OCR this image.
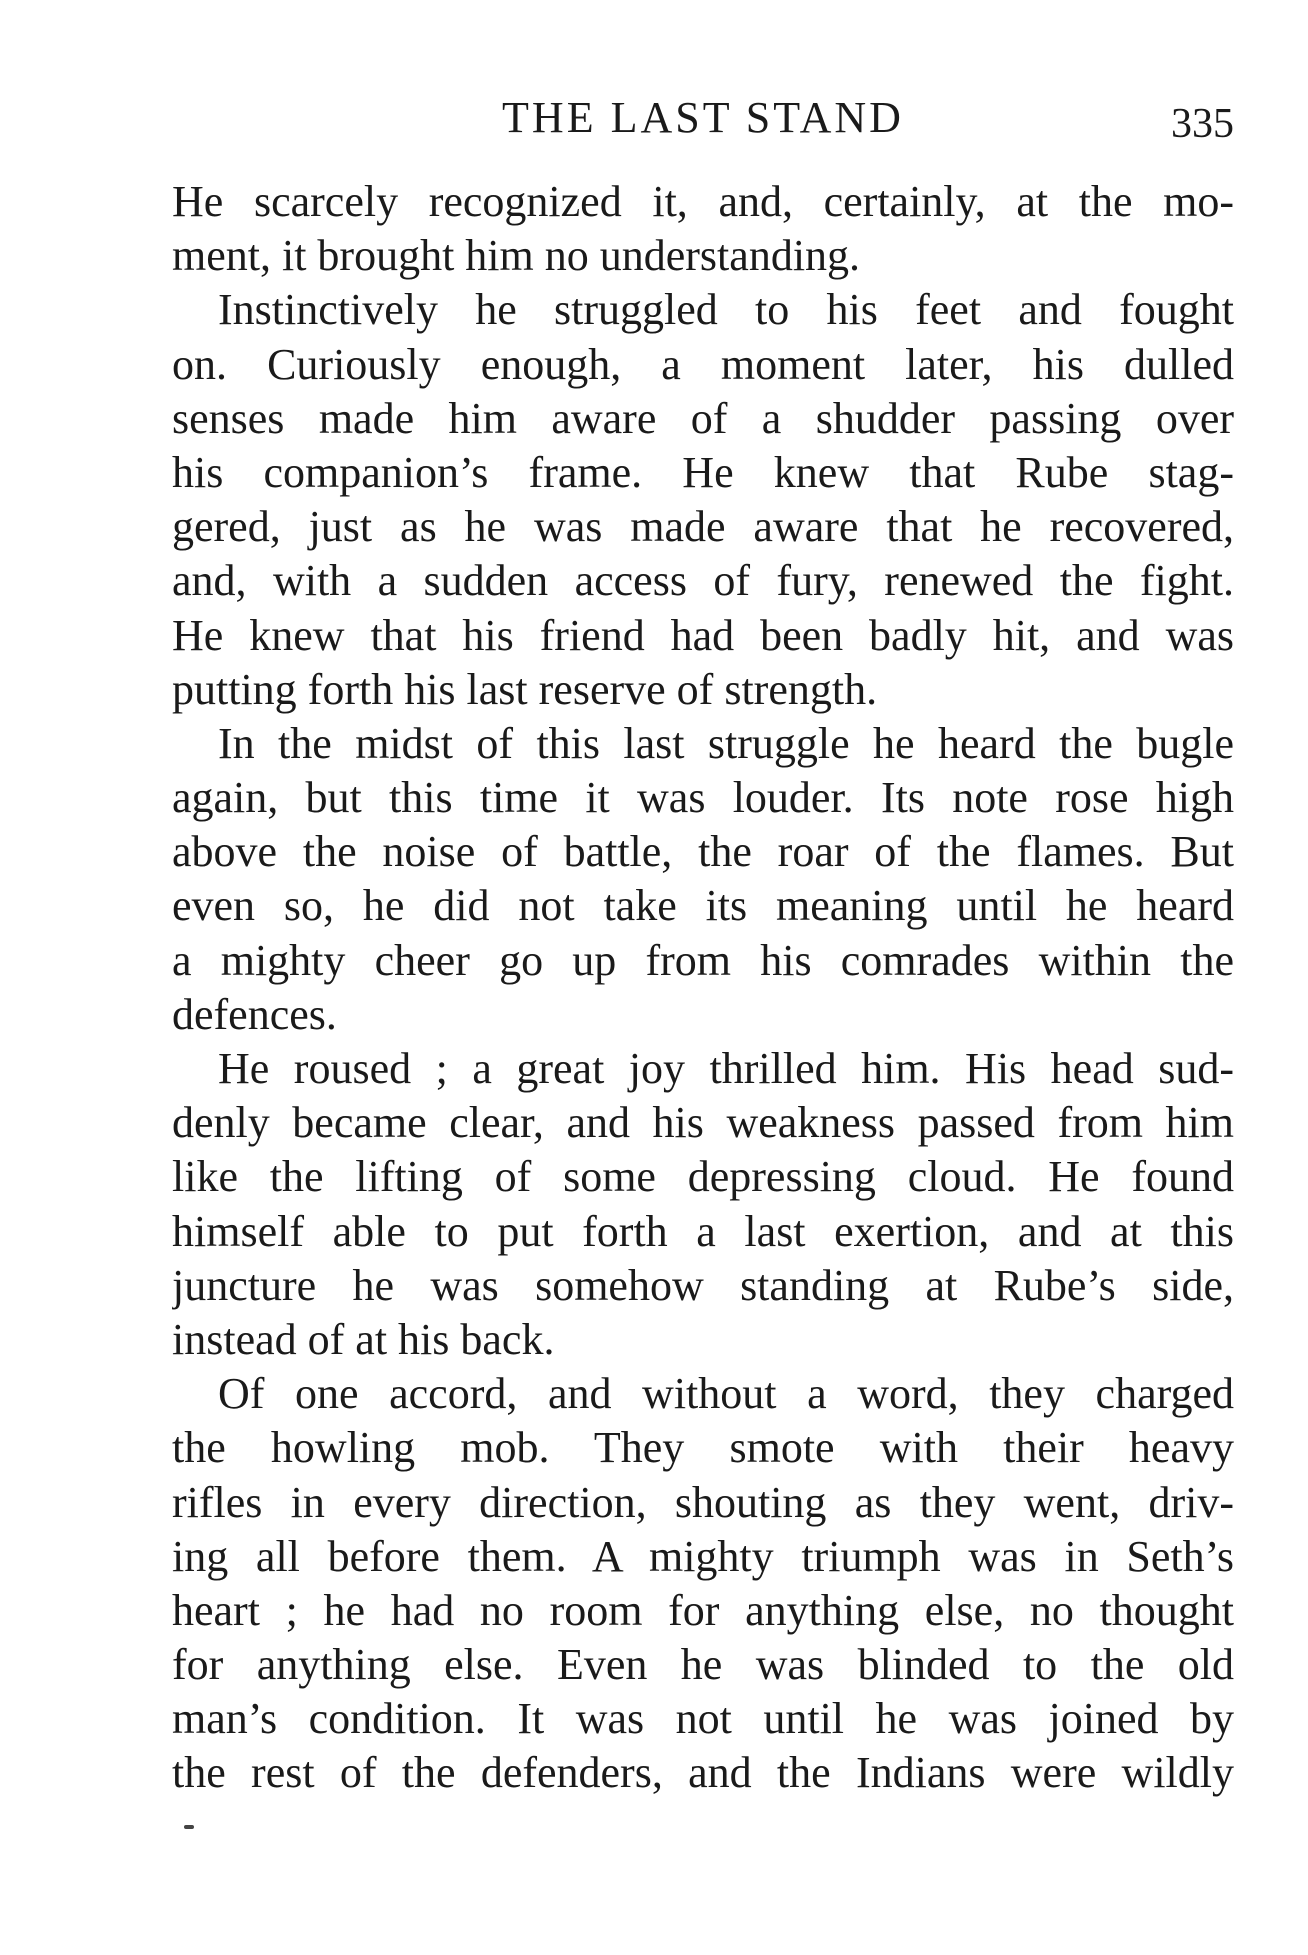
THE LAST STAND	335
He scarcely recognized it, and, certainly, at the mo-
ment, it brought him no understanding.
Instinctively he struggled to his feet and fought
on. Curiously enough, a moment later, his dulled
senses made him aware of a shudder passing over
his companion’s frame. He knew that Rube stag-
gered, just as he was made aware that he recovered,
and, with a sudden access of fury, renewed the fight.
He knew that his friend had been badly hit, and was
putting forth his last reserve of strength.
In the midst of this last struggle he heard the bugle
again, but this time it was louder. Its note rose high
above the noise of battle, the roar of the flames. But
even so, he did not take its meaning until he heard
a mighty cheer go up from his comrades within the
defences.
He roused ; a great joy thrilled him. His head sud-
denly became clear, and his weakness passed from him
like the lifting of some depressing cloud. He found
himself able to put forth a last exertion, and at this
juncture he was somehow standing at Rube’s side,
instead of at his back.
Of one accord, and without a word, they charged
the howling mob. They smote with their heavy
rifles in every direction, shouting as they went, driv-
ing all before them. A mighty triumph was in Seth’s
heart ; he had no room for anything else, no thought
for anything else. Even he was blinded to the old
man’s condition. It was not until he was joined by
the rest of the defenders, and the Indians were wildly
